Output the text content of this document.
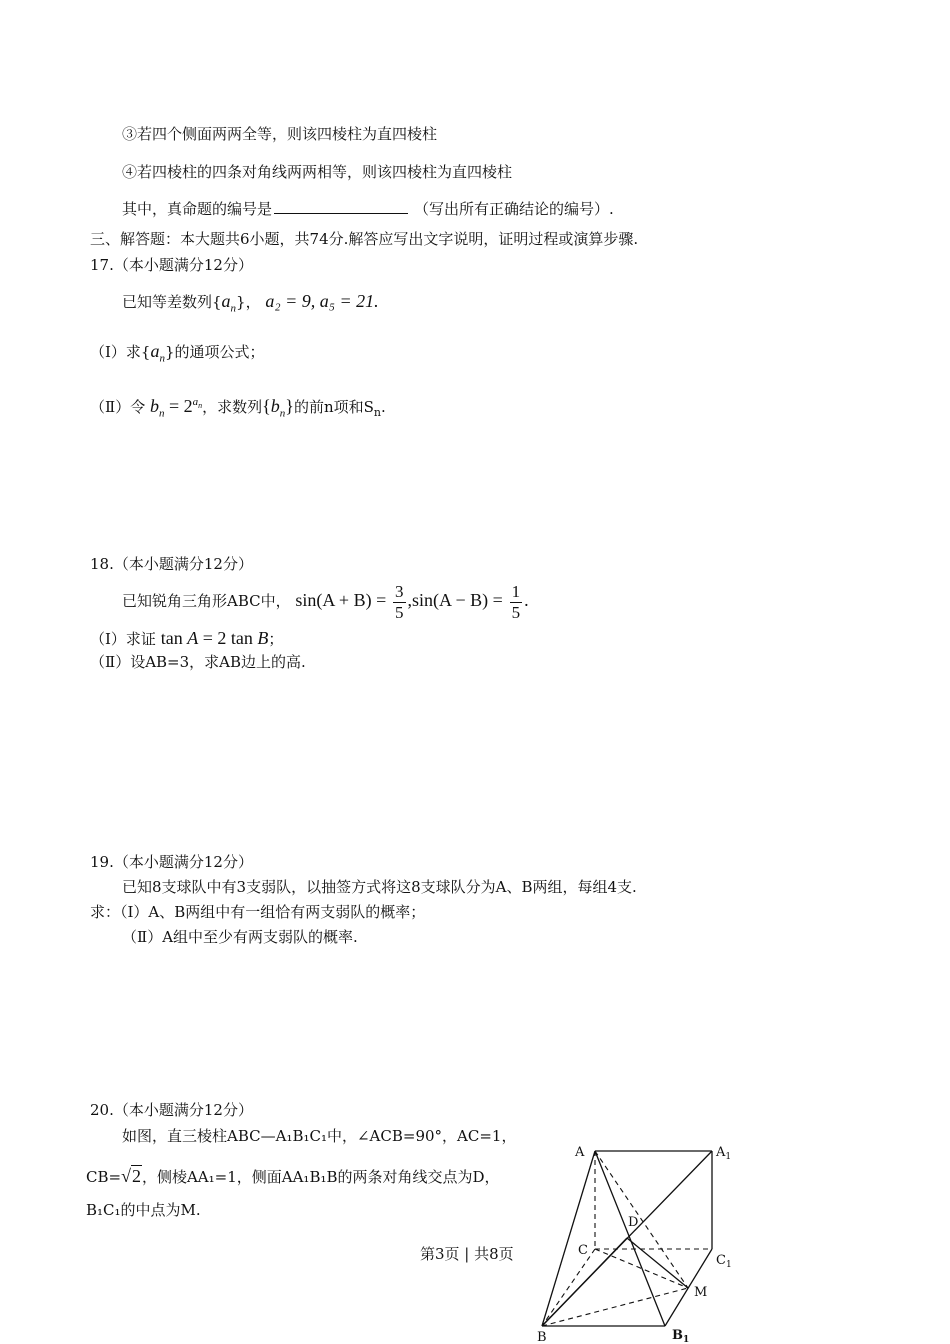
③若四个侧面两两全等，则该四棱柱为直四棱柱
④若四棱柱的四条对角线两两相等，则该四棱柱为直四棱柱
其中，真命题的编号是	（写出所有正确结论的编号）.
三、解答题：本大题共6小题，共74分.解答应写出文字说明，证明过程或演算步骤.
17.（本小题满分12分）
已知等差数列$\{a_n\}$， a₂ = 9, a₅ = 21.
（Ⅰ）求$\{a_n\}$的通项公式；
（Ⅱ）令 $b_n = 2^{a_n}$，求数列$\{b_n\}$的前n项和$S_n$.
18.（本小题满分12分）
已知锐角三角形ABC中， $\sin(A + B) = \frac{3}{5} ,\sin(A - B) = \frac{1}{5}$ .
（Ⅰ）求证 tan A = 2 tan B；
（Ⅱ）设AB=3，求AB边上的高.
19.（本小题满分12分）
已知8支球队中有3支弱队，以抽签方式将这8支球队分为A、B两组，每组4支.
求：（Ⅰ）A、B两组中有一组恰有两支弱队的概率；
（Ⅱ）A组中至少有两支弱队的概率.
20.（本小题满分12分）
如图，直三棱柱ABC—A₁B₁C₁中，∠ACB=90°，AC=1，
CB=√2，侧棱AA₁=1，侧面AA₁B₁B的两条对角线交点为D，
B₁C₁的中点为M.
第3页 | 共8页
A	$A_1$
C
$C_1$
D
M
B	$B_1$
